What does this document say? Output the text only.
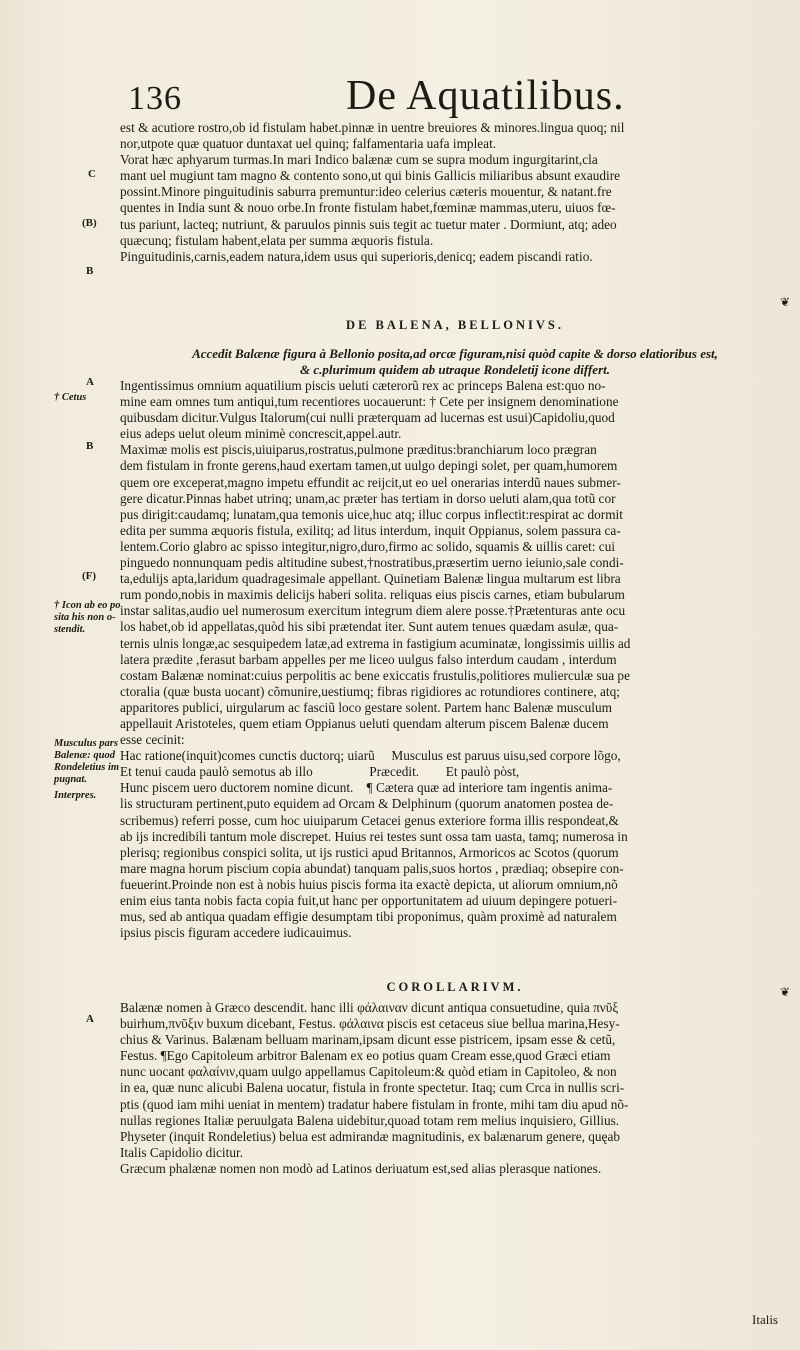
136	De Aquatilibus.
est & acutiore rostro,ob id fistulam habet.pinnæ in uentre breuiores & minores.lingua quoq; nil
nor,utpote quæ quatuor duntaxat uel quinq; falfamentaria uafa impleat.
Vorat hæc aphyarum turmas.In mari Indico balænæ cum se supra modum ingurgitarint,cla
mant uel mugiunt tam magno & contento sono,ut qui binis Gallicis miliaribus absunt exaudire
possint.Minore pinguitudinis saburra premuntur:ideo celerius cæteris mouentur, & natant.fre
quentes in India sunt & nouo orbe.In fronte fistulam habet,fœminæ mammas,uteru, uiuos fœ-
tus pariunt, lacteq; nutriunt, & paruulos pinnis suis tegit ac tuetur mater . Dormiunt, atq; adeo
quæcunq; fistulam habent,elata per summa æquoris fistula.
Pinguitudinis,carnis,eadem natura,idem usus qui superioris,denicq; eadem piscandi ratio.
DE BALENA, BELLONIVS.
Accedit Balænæ figura à Bellonio posita,ad orcæ figuram,nisi quòd capite & dorso elatioribus est,
& c.plurimum quidem ab utraque Rondeletij icone differt.
Ingentissimus omnium aquatilium piscis ueluti cæterorũ rex ac princeps Balena est:quo no-
mine eam omnes tum antiqui,tum recentiores uocauerunt: † Cete per insignem denominatione
quibusdam dicitur.Vulgus Italorum(cui nulli præterquam ad lucernas est usui)Capidoliu,quod
eius adeps uelut oleum minimè concrescit,appel.autr.
Maximæ molis est piscis,uiuiparus,rostratus,pulmone præditus:branchiarum loco prægran
dem fistulam in fronte gerens,haud exertam tamen,ut uulgo depingi solet, per quam,humorem
quem ore exceperat,magno impetu effundit ac reijcit,ut eo uel onerarias interdũ naues submer-
gere dicatur.Pinnas habet utrinq; unam,ac præter has tertiam in dorso ueluti alam,qua totũ cor
pus dirigit:caudamq; lunatam,qua temonis uice,huc atq; illuc corpus inflectit:respirat ac dormit
edita per summa æquoris fistula, exilitq; ad litus interdum, inquit Oppianus, solem passura ca-
lentem.Corio glabro ac spisso integitur,nigro,duro,firmo ac solido, squamis & uillis caret: cui
pinguedo nonnunquam pedis altitudine subest,†nostratibus,præsertim uerno ieiunio,sale condi-
ta,edulijs apta,laridum quadragesimale appellant. Quinetiam Balenæ lingua multarum est libra
rum pondo,nobis in maximis delicijs haberi solita. reliquas eius piscis carnes, etiam bubularum
instar salitas,audio uel numerosum exercitum integrum diem alere posse.†Prætenturas ante ocu
los habet,ob id appellatas,quòd his sibi prætendat iter. Sunt autem tenues quædam asulæ, qua-
ternis ulnis longæ,ac sesquipedem latæ,ad extrema in fastigium acuminatæ, longissimis uillis ad
latera prædite ,ferasut barbam appelles per me liceo uulgus falso interdum caudam , interdum
costam Balænæ nominat:cuius perpolitis ac bene exiccatis frustulis,politiores mulierculæ sua pe
ctoralia (quæ busta uocant) cõmunire,uestiumq; fibras rigidiores ac rotundiores continere, atq;
apparitores publici, uirgularum ac fasciũ loco gestare solent. Partem hanc Balenæ musculum
appellauit Aristoteles, quem etiam Oppianus ueluti quendam alterum piscem Balenæ ducem
esse cecinit:
Hac ratione(inquit)comes cunctis ductorq; uiarũ     Musculus est paruus uisu,sed corpore lõgo,
Et tenui cauda paulò semotus ab illo                 Præcedit.        Et paulò pòst,
Hunc piscem uero ductorem nomine dicunt.    ¶ Cætera quæ ad interiore tam ingentis anima-
lis structuram pertinent,puto equidem ad Orcam & Delphinum (quorum anatomen postea de-
scribemus) referri posse, cum hoc uiuiparum Cetacei genus exteriore forma illis respondeat,&
ab ijs incredibili tantum mole discrepet. Huius rei testes sunt ossa tam uasta, tamq; numerosa in
plerisq; regionibus conspici solita, ut ijs rustici apud Britannos, Armoricos ac Scotos (quorum
mare magna horum piscium copia abundat) tanquam palis,suos hortos , prædiaq; obsepire con-
fueuerint.Proinde non est à nobis huius piscis forma ita exactè depicta, ut aliorum omnium,nõ
enim eius tanta nobis facta copia fuit,ut hanc per opportunitatem ad uiuum depingere potueri-
mus, sed ab antiqua quadam effigie desumptam tibi proponimus, quàm proximè ad naturalem
ipsius piscis figuram accedere iudicauimus.
COROLLARIVM.
Balænæ nomen à Græco descendit. hanc illi φάλαιναν dicunt antiqua consuetudine, quia πνῦξ
buirhum,πνῦξιν buxum dicebant, Festus. φάλαινα piscis est cetaceus siue bellua marina,Hesy-
chius & Varinus. Balænam belluam marinam,ipsam dicunt esse pistricem, ipsam esse & cetũ,
Festus. ¶Ego Capitoleum arbitror Balenam ex eo potius quam Cream esse,quod Græci etiam
nunc uocant φαλαίνιν,quam uulgo appellamus Capitoleum:& quòd etiam in Capitoleo, & non
in ea, quæ nunc alicubi Balena uocatur, fistula in fronte spectetur. Itaq; cum Crca in nullis scri-
ptis (quod iam mihi ueniat in mentem) tradatur habere fistulam in fronte, mihi tam diu apud nõ-
nullas regiones Italiæ peruulgata Balena uidebitur,quoad totam rem melius inquisiero, Gillius.
Physeter (inquit Rondeletius) belua est admirandæ magnitudinis, ex balænarum genere, quęab
Italis Capidolio dicitur.
Græcum phalænæ nomen non modò ad Latinos deriuatum est,sed alias plerasque nationes.
Italis
C
(B)
B
A
† Cetus
B
(F)
† Icon ab eo po
sita his non o-
stendit.
Musculus pars
Balenæ: quod
Rondeletius im
pugnat.
Interpres.
A
❦
❦
